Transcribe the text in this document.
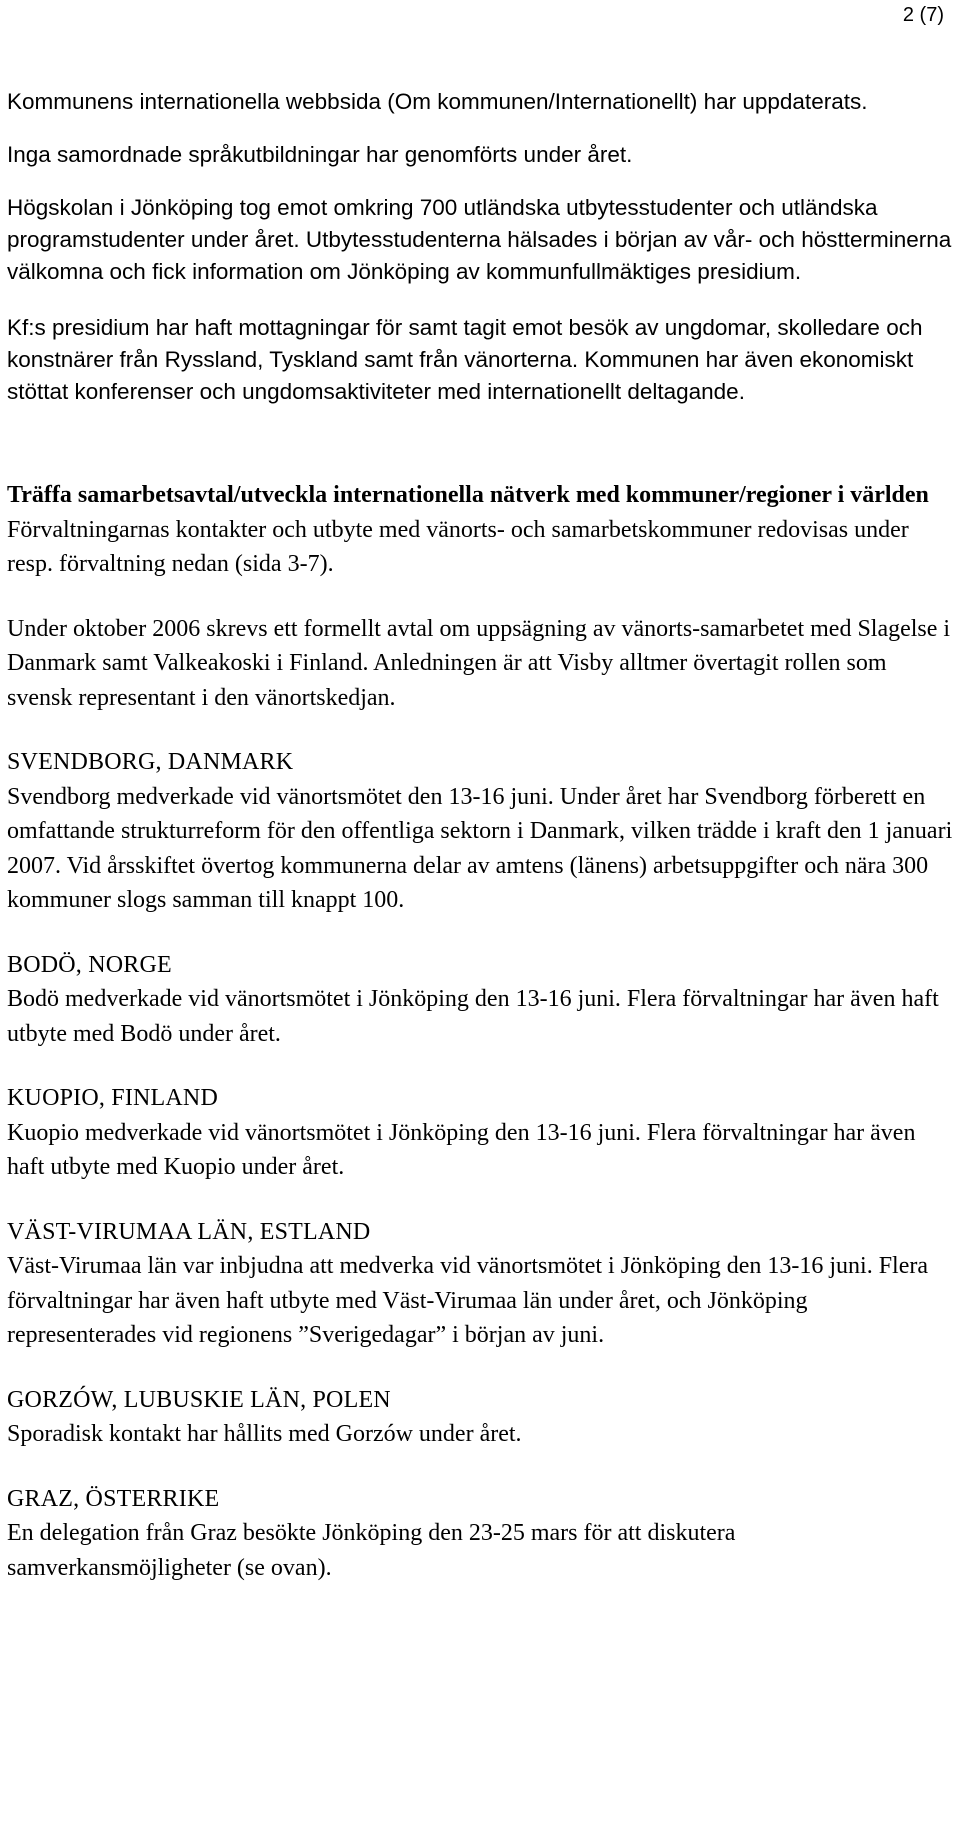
2 (7)

Kommunens internationella webbsida (Om kommunen/Internationellt) har uppdaterats.

Inga samordnade språkutbildningar har genomförts under året.

Högskolan i Jönköping tog emot omkring 700 utländska utbytesstudenter och utländska programstudenter under året. Utbytesstudenterna hälsades i början av vår- och höstterminerna välkomna och fick information om Jönköping av kommunfullmäktiges presidium.

Kf:s presidium har haft mottagningar för samt tagit emot besök av ungdomar, skolledare och konstnärer från Ryssland, Tyskland samt från vänorterna. Kommunen har även ekonomiskt stöttat konferenser och ungdomsaktiviteter med internationellt deltagande.

Träffa samarbetsavtal/utveckla internationella nätverk med kommuner/regioner i världen

Förvaltningarnas kontakter och utbyte med vänorts- och samarbetskommuner redovisas under resp. förvaltning nedan (sida 3-7).

Under oktober 2006 skrevs ett formellt avtal om uppsägning av vänorts-samarbetet med Slagelse i Danmark samt Valkeakoski i Finland. Anledningen är att Visby alltmer övertagit rollen som svensk representant i den vänortskedjan.

SVENDBORG, DANMARK

Svendborg medverkade vid vänortsmötet den 13-16 juni. Under året har Svendborg förberett en omfattande strukturreform för den offentliga sektorn i Danmark, vilken trädde i kraft den 1 januari 2007. Vid årsskiftet övertog kommunerna delar av amtens (länens) arbetsuppgifter och nära 300 kommuner slogs samman till knappt 100.

BODÖ, NORGE

Bodö medverkade vid vänortsmötet i Jönköping den 13-16 juni. Flera förvaltningar har även haft utbyte med Bodö under året.

KUOPIO, FINLAND

Kuopio medverkade vid vänortsmötet i Jönköping den 13-16 juni. Flera förvaltningar har även haft utbyte med Kuopio under året.

VÄST-VIRUMAA LÄN, ESTLAND

Väst-Virumaa län var inbjudna att medverka vid vänortsmötet i Jönköping den 13-16 juni. Flera förvaltningar har även haft utbyte med Väst-Virumaa län under året, och Jönköping representerades vid regionens ”Sverigedagar” i början av juni.

GORZÓW, LUBUSKIE LÄN, POLEN

Sporadisk kontakt har hållits med Gorzów under året.

GRAZ, ÖSTERRIKE

En delegation från Graz besökte Jönköping den 23-25 mars för att diskutera samverkansmöjligheter (se ovan).
